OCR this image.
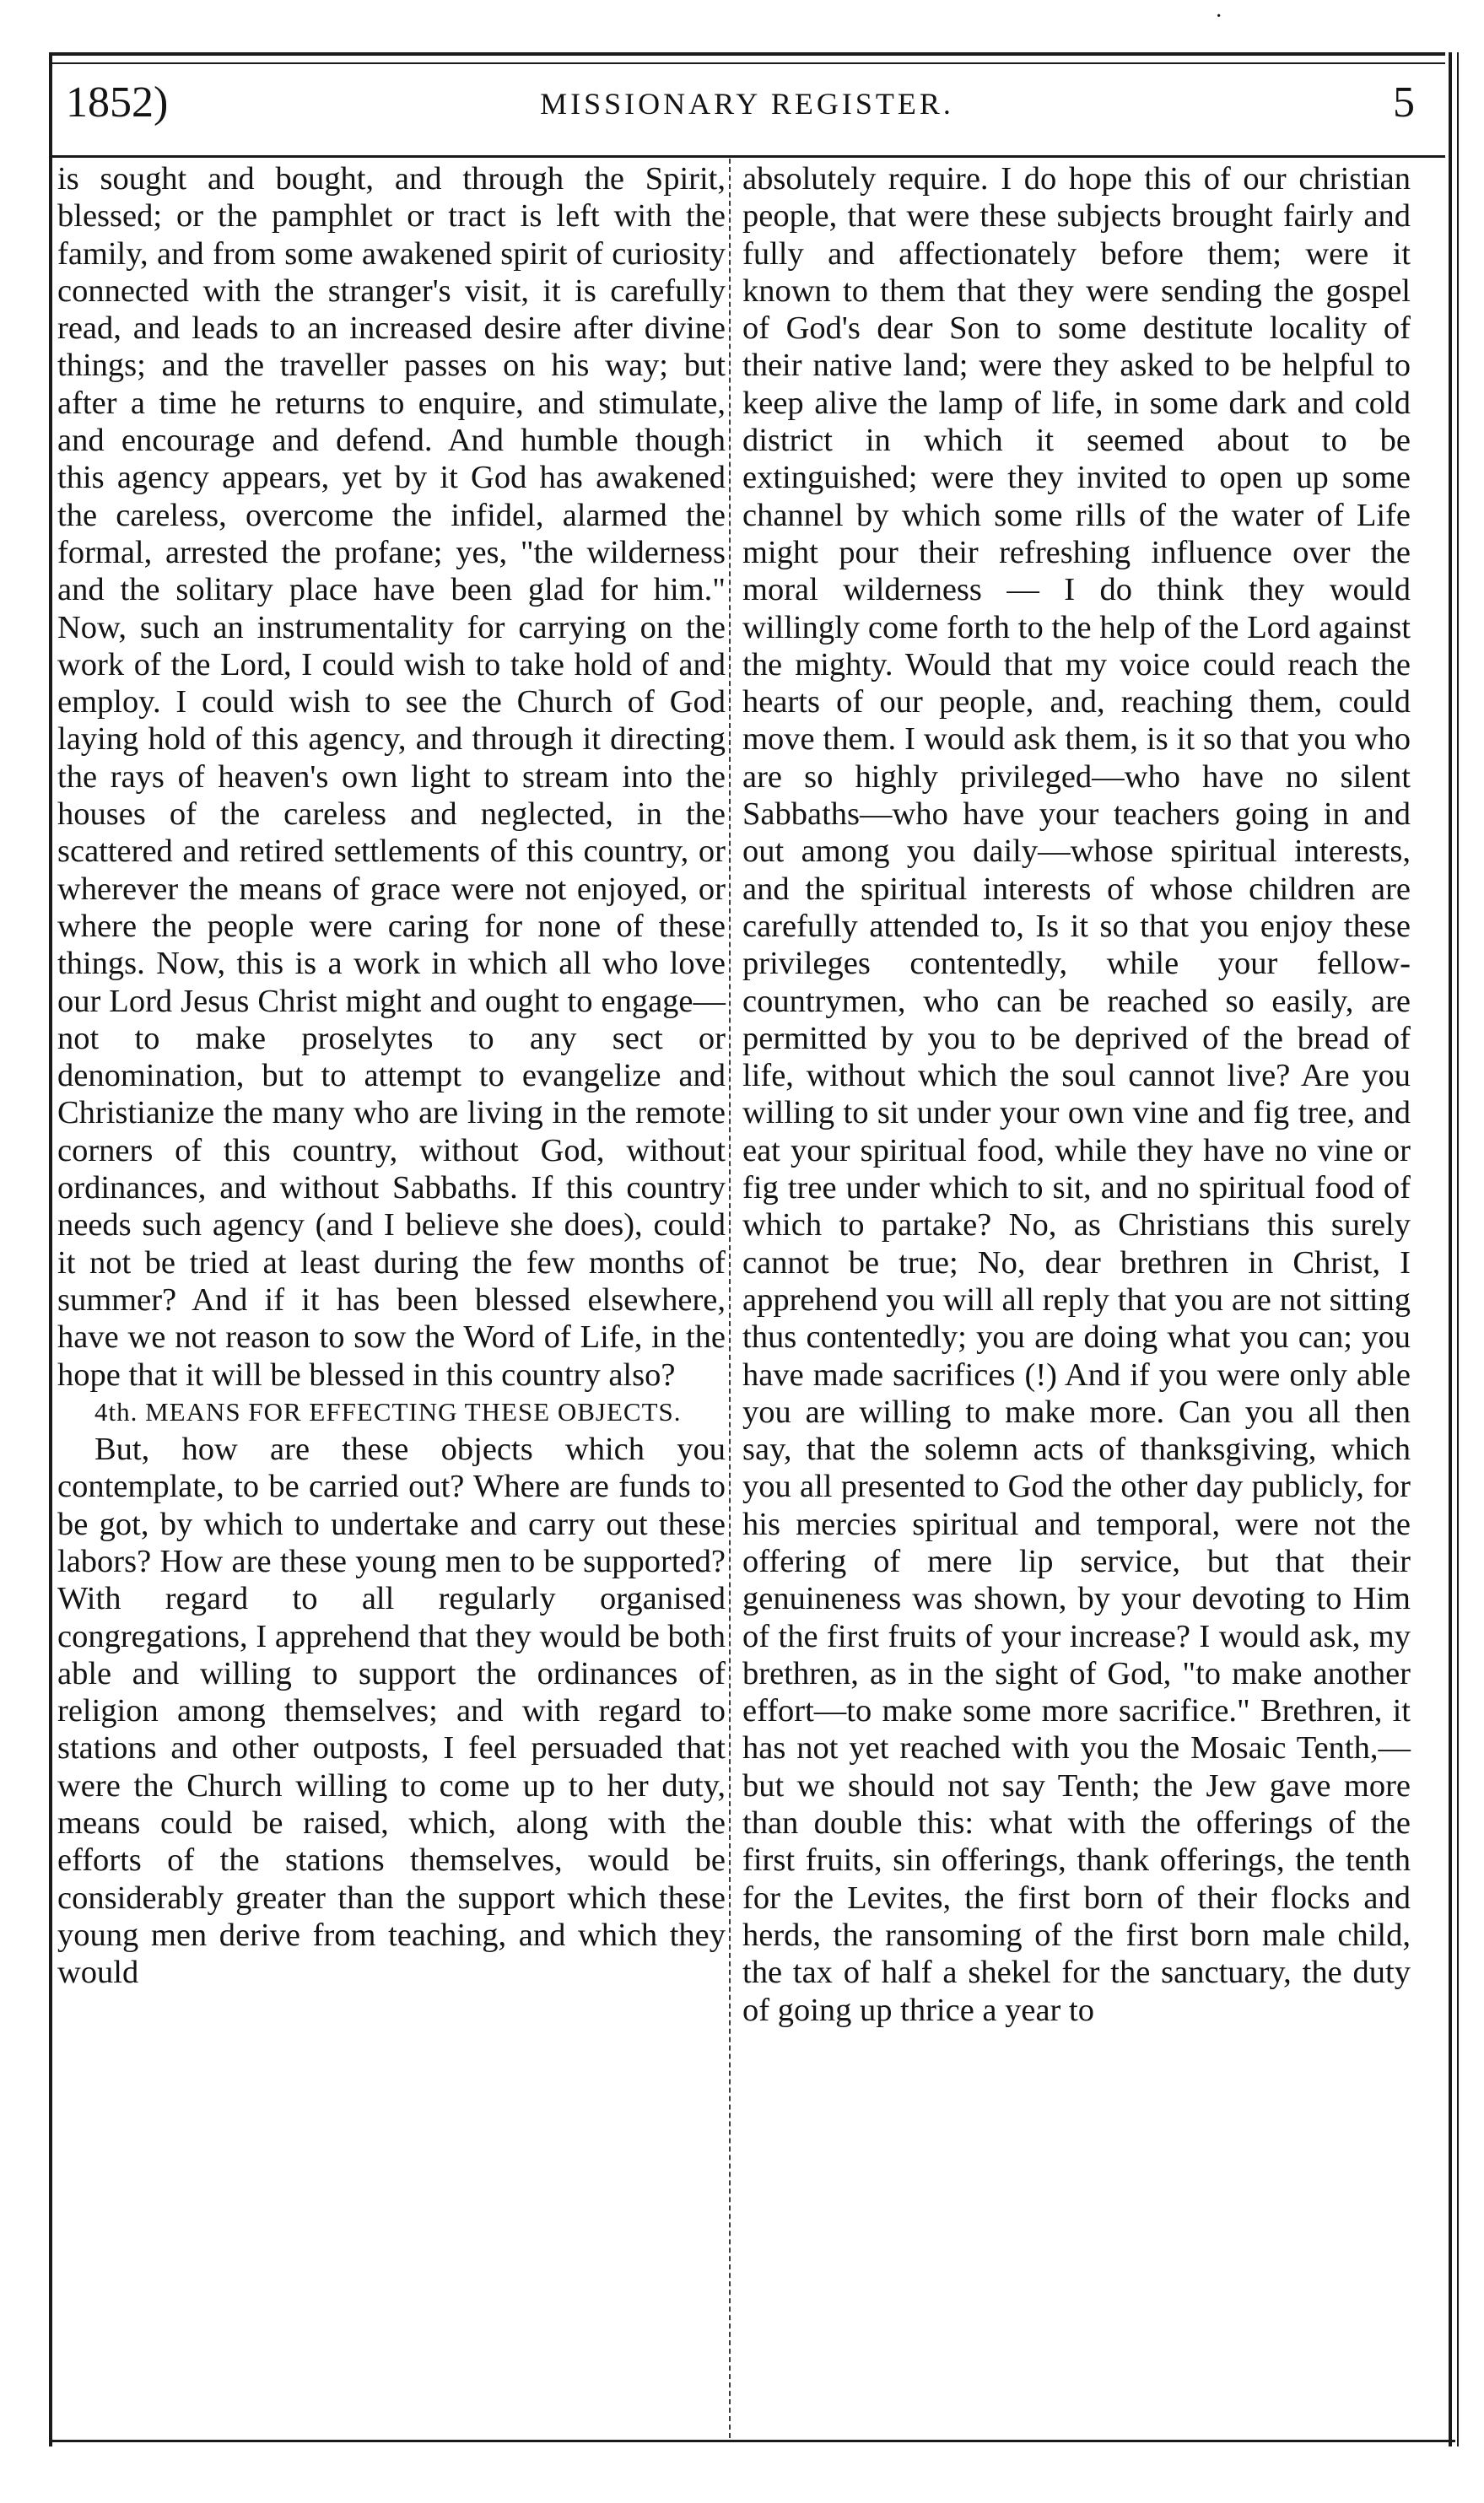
·
1852)	MISSIONARY REGISTER.	5

is sought and bought, and through the Spirit, blessed; or the pamphlet or tract is left with the family, and from some awakened spirit of curiosity connected with the stranger's visit, it is carefully read, and leads to an increased desire after divine things; and the traveller passes on his way; but after a time he returns to enquire, and stimulate, and encourage and defend. And humble though this agency appears, yet by it God has awakened the careless, overcome the infidel, alarmed the formal, arrested the profane; yes, "the wilderness and the solitary place have been glad for him." Now, such an instrumentality for carrying on the work of the Lord, I could wish to take hold of and employ. I could wish to see the Church of God laying hold of this agency, and through it directing the rays of heaven's own light to stream into the houses of the careless and neglected, in the scattered and retired settlements of this country, or wherever the means of grace were not enjoyed, or where the people were caring for none of these things. Now, this is a work in which all who love our Lord Jesus Christ might and ought to engage— not to make proselytes to any sect or denomination, but to attempt to evangelize and Christianize the many who are living in the remote corners of this country, without God, without ordinances, and without Sabbaths. If this country needs such agency (and I believe she does), could it not be tried at least during the few months of summer? And if it has been blessed elsewhere, have we not reason to sow the Word of Life, in the hope that it will be blessed in this country also?

4th. MEANS FOR EFFECTING THESE OBJECTS.

But, how are these objects which you contemplate, to be carried out? Where are funds to be got, by which to undertake and carry out these labors? How are these young men to be supported? With regard to all regularly organised congregations, I apprehend that they would be both able and willing to support the ordinances of religion among themselves; and with regard to stations and other outposts, I feel persuaded that were the Church willing to come up to her duty, means could be raised, which, along with the efforts of the stations themselves, would be considerably greater than the support which these young men derive from teaching, and which they would

absolutely require. I do hope this of our christian people, that were these subjects brought fairly and fully and affectionately before them; were it known to them that they were sending the gospel of God's dear Son to some destitute locality of their native land; were they asked to be helpful to keep alive the lamp of life, in some dark and cold district in which it seemed about to be extinguished; were they invited to open up some channel by which some rills of the water of Life might pour their refreshing influence over the moral wilderness — I do think they would willingly come forth to the help of the Lord against the mighty. Would that my voice could reach the hearts of our people, and, reaching them, could move them. I would ask them, is it so that you who are so highly privileged—who have no silent Sabbaths—who have your teachers going in and out among you daily—whose spiritual interests, and the spiritual interests of whose children are carefully attended to, Is it so that you enjoy these privileges contentedly, while your fellow-countrymen, who can be reached so easily, are permitted by you to be deprived of the bread of life, without which the soul cannot live? Are you willing to sit under your own vine and fig tree, and eat your spiritual food, while they have no vine or fig tree under which to sit, and no spiritual food of which to partake? No, as Christians this surely cannot be true; No, dear brethren in Christ, I apprehend you will all reply that you are not sitting thus contentedly; you are doing what you can; you have made sacrifices (!) And if you were only able you are willing to make more. Can you all then say, that the solemn acts of thanksgiving, which you all presented to God the other day publicly, for his mercies spiritual and temporal, were not the offering of mere lip service, but that their genuineness was shown, by your devoting to Him of the first fruits of your increase? I would ask, my brethren, as in the sight of God, "to make another effort—to make some more sacrifice." Brethren, it has not yet reached with you the Mosaic Tenth,—but we should not say Tenth; the Jew gave more than double this: what with the offerings of the first fruits, sin offerings, thank offerings, the tenth for the Levites, the first born of their flocks and herds, the ransoming of the first born male child, the tax of half a shekel for the sanctuary, the duty of going up thrice a year to
